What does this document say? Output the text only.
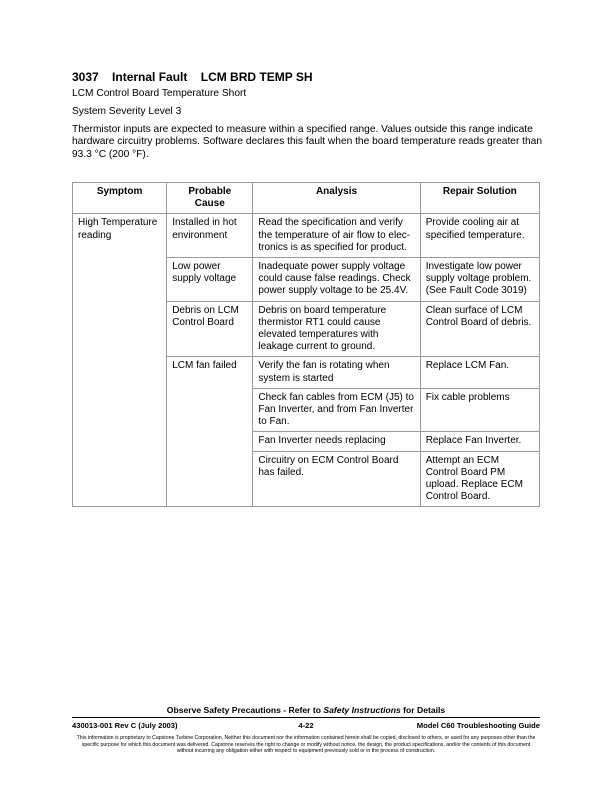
3037 Internal Fault LCM BRD TEMP SH
LCM Control Board Temperature Short
System Severity Level 3
Thermistor inputs are expected to measure within a specified range. Values outside this range indicate hardware circuitry problems. Software declares this fault when the board temperature reads greater than 93.3 °C (200 °F).
Symptom	Probable Cause	Analysis	Repair Solution
High Temperature reading	Installed in hot environment	Read the specification and verify the temperature of air flow to elec-tronics is as specified for product.	Provide cooling air at specified temperature.
	Low power supply voltage	Inadequate power supply voltage could cause false readings. Check power supply voltage to be 25.4V.	Investigate low power supply voltage problem. (See Fault Code 3019)
	Debris on LCM Control Board	Debris on board temperature thermistor RT1 could cause elevated temperatures with leakage current to ground.	Clean surface of LCM Control Board of debris.
	LCM fan failed	Verify the fan is rotating when system is started	Replace LCM Fan.
		Check fan cables from ECM (J5) to Fan Inverter, and from Fan Inverter to Fan.	Fix cable problems
		Fan Inverter needs replacing	Replace Fan Inverter.
		Circuitry on ECM Control Board has failed.	Attempt an ECM Control Board PM upload. Replace ECM Control Board.
Observe Safety Precautions - Refer to Safety Instructions for Details
430013-001 Rev C (July 2003)	4-22	Model C60 Troubleshooting Guide
This information is proprietary to Capstone Turbine Corporation. Neither this document nor the information contained herein shall be copied, disclosed to others, or used for any purposes other than the specific purpose for which this document was delivered. Capstone reserves the right to change or modify without notice, the design, the product specifications, and/or the contents of this document without incurring any obligation either with respect to equipment previously sold or in the process of construction.
